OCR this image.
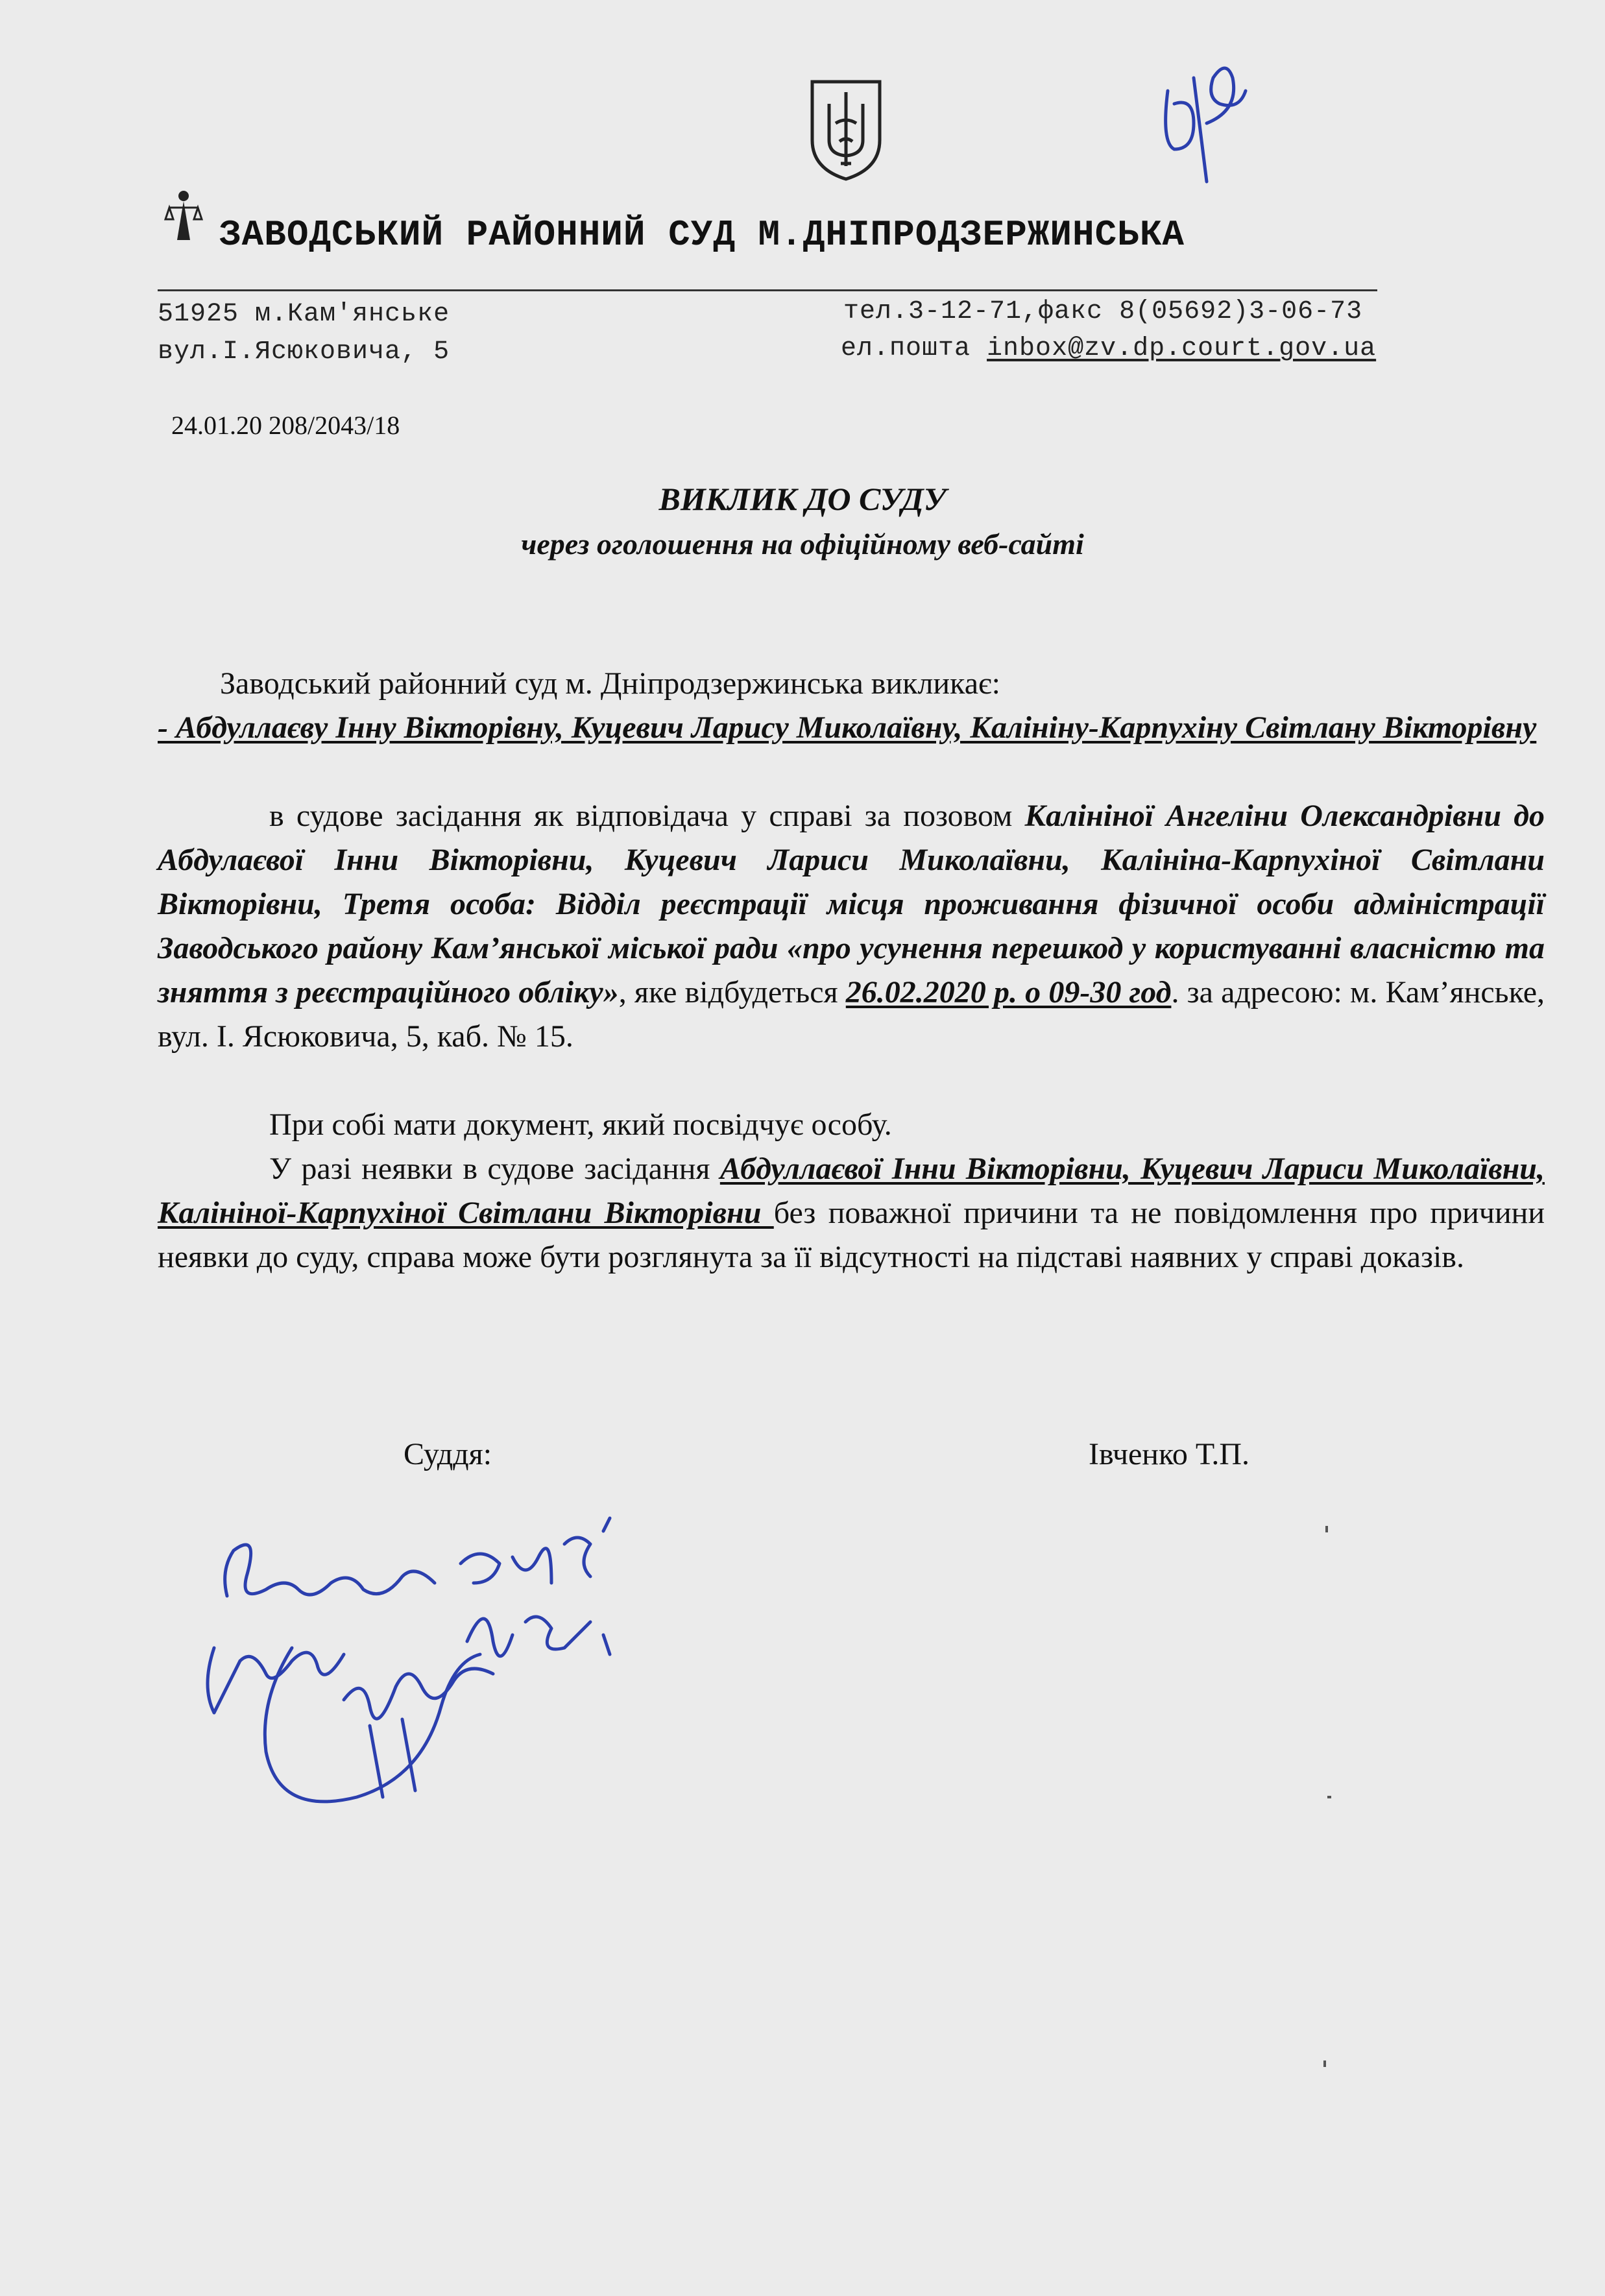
ЗАВОДСЬКИЙ РАЙОННИЙ СУД М.ДНІПРОДЗЕРЖИНСЬКА
51925 м.Кам'янське
вул.І.Ясюковича, 5
тел.3-12-71,факс 8(05692)3-06-73
ел.пошта inbox@zv.dp.court.gov.ua
24.01.20 208/2043/18
ВИКЛИК ДО СУДУ
через оголошення на офіційному веб-сайті

Заводський районний суд м. Дніпродзержинська викликає:

- Абдуллаєву Інну Вікторівну, Куцевич Ларису Миколаївну, Калініну-Карпухіну Світлану Вікторівну

в судове засідання як відповідача у справі за позовом Калініної Ангеліни Олександрівни до Абдулаєвої Інни Вікторівни, Куцевич Лариси Миколаївни, Калініна-Карпухіної Світлани Вікторівни, Третя особа: Відділ реєстрації місця проживання фізичної особи адміністрації Заводського району Кам’янської міської ради «про усунення перешкод у користуванні власністю та зняття з реєстраційного обліку», яке відбудеться 26.02.2020 р. о 09-30 год. за адресою: м. Кам’янське, вул. І. Ясюковича, 5, каб. № 15.

При собі мати документ, який посвідчує особу.

У разі неявки в судове засідання Абдуллаєвої Інни Вікторівни, Куцевич Лариси Миколаївни, Калініної-Карпухіної Світлани Вікторівни без поважної причини та не повідомлення про причини неявки до суду, справа може бути розглянута за її відсутності на підставі наявних у справі доказів.

Суддя:	Івченко Т.П.
